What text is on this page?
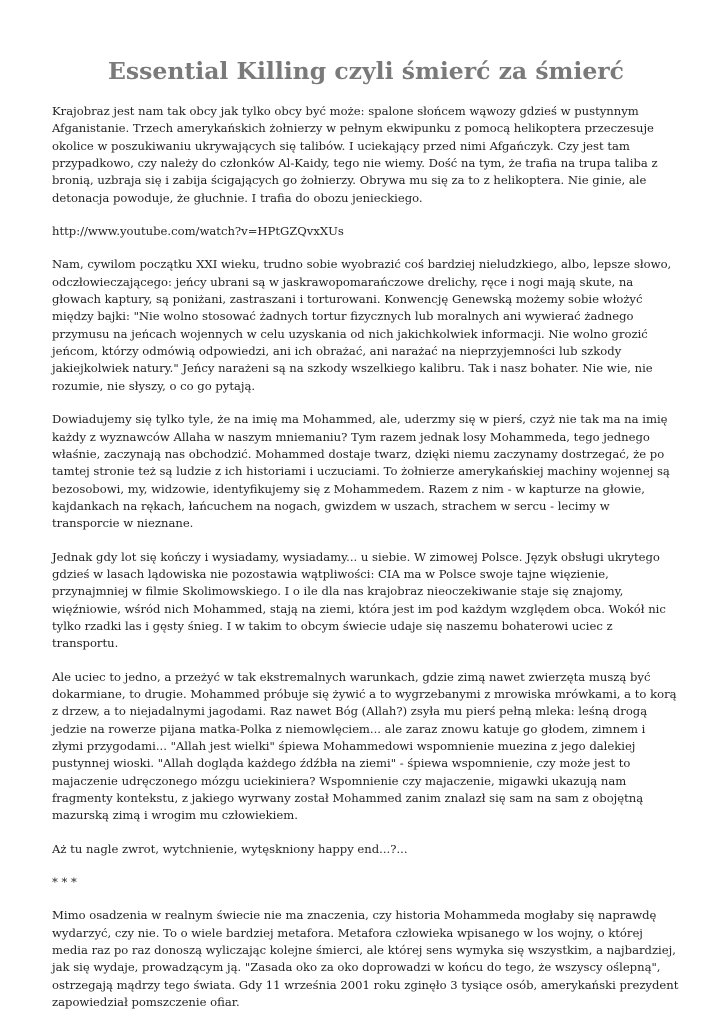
Essential Killing czyli śmierć za śmierć

Krajobraz jest nam tak obcy jak tylko obcy być może: spalone słońcem wąwozy gdzieś w pustynnym Afganistanie. Trzech amerykańskich żołnierzy w pełnym ekwipunku z pomocą helikoptera przeczesuje okolice w poszukiwaniu ukrywających się talibów. I uciekający przed nimi Afgańczyk. Czy jest tam przypadkowo, czy należy do członków Al-Kaidy, tego nie wiemy. Dość na tym, że trafia na trupa taliba z bronią, uzbraja się i zabija ścigających go żołnierzy. Obrywa mu się za to z helikoptera. Nie ginie, ale detonacja powoduje, że głuchnie. I trafia do obozu jenieckiego.

http://www.youtube.com/watch?v=HPtGZQvxXUs

Nam, cywilom początku XXI wieku, trudno sobie wyobrazić coś bardziej nieludzkiego, albo, lepsze słowo, odczłowieczającego: jeńcy ubrani są w jaskrawopomarańczowe drelichy, ręce i nogi mają skute, na głowach kaptury, są poniżani, zastraszani i torturowani. Konwencję Genewską możemy sobie włożyć między bajki: "Nie wolno stosować żadnych tortur fizycznych lub moralnych ani wywierać żadnego przymusu na jeńcach wojennych w celu uzyskania od nich jakichkolwiek informacji. Nie wolno grozić jeńcom, którzy odmówią odpowiedzi, ani ich obrażać, ani narażać na nieprzyjemności lub szkody jakiejkolwiek natury." Jeńcy narażeni są na szkody wszelkiego kalibru. Tak i nasz bohater. Nie wie, nie rozumie, nie słyszy, o co go pytają.

Dowiadujemy się tylko tyle, że na imię ma Mohammed, ale, uderzmy się w pierś, czyż nie tak ma na imię każdy z wyznawców Allaha w naszym mniemaniu? Tym razem jednak losy Mohammeda, tego jednego właśnie, zaczynają nas obchodzić. Mohammed dostaje twarz, dzięki niemu zaczynamy dostrzegać, że po tamtej stronie też są ludzie z ich historiami i uczuciami. To żołnierze amerykańskiej machiny wojennej są bezosobowi, my, widzowie, identyfikujemy się z Mohammedem. Razem z nim - w kapturze na głowie, kajdankach na rękach, łańcuchem na nogach, gwizdem w uszach, strachem w sercu - lecimy w transporcie w nieznane.

Jednak gdy lot się kończy i wysiadamy, wysiadamy... u siebie. W zimowej Polsce. Język obsługi ukrytego gdzieś w lasach lądowiska nie pozostawia wątpliwości: CIA ma w Polsce swoje tajne więzienie, przynajmniej w filmie Skolimowskiego. I o ile dla nas krajobraz nieoczekiwanie staje się znajomy, więźniowie, wśród nich Mohammed, stają na ziemi, która jest im pod każdym względem obca. Wokół nic tylko rzadki las i gęsty śnieg. I w takim to obcym świecie udaje się naszemu bohaterowi uciec z transportu.

Ale uciec to jedno, a przeżyć w tak ekstremalnych warunkach, gdzie zimą nawet zwierzęta muszą być dokarmiane, to drugie. Mohammed próbuje się żywić a to wygrzebanymi z mrowiska mrówkami, a to korą z drzew, a to niejadalnymi jagodami. Raz nawet Bóg (Allah?) zsyła mu pierś pełną mleka: leśną drogą jedzie na rowerze pijana matka-Polka z niemowlęciem... ale zaraz znowu katuje go głodem, zimnem i złymi przygodami... "Allah jest wielki" śpiewa Mohammedowi wspomnienie muezina z jego dalekiej pustynnej wioski. "Allah dogląda każdego źdźbła na ziemi" - śpiewa wspomnienie, czy może jest to majaczenie udręczonego mózgu uciekiniera? Wspomnienie czy majaczenie, migawki ukazują nam fragmenty kontekstu, z jakiego wyrwany został Mohammed zanim znalazł się sam na sam z obojętną mazurską zimą i wrogim mu człowiekiem.

Aż tu nagle zwrot, wytchnienie, wytęskniony happy end...?...

* * *

Mimo osadzenia w realnym świecie nie ma znaczenia, czy historia Mohammeda mogłaby się naprawdę wydarzyć, czy nie. To o wiele bardziej metafora. Metafora człowieka wpisanego w los wojny, o której media raz po raz donoszą wyliczając kolejne śmierci, ale której sens wymyka się wszystkim, a najbardziej, jak się wydaje, prowadzącym ją. "Zasada oko za oko doprowadzi w końcu do tego, że wszyscy oślepną", ostrzegają mądrzy tego świata. Gdy 11 września 2001 roku zginęło 3 tysiące osób, amerykański prezydent zapowiedział pomszczenie ofiar.
